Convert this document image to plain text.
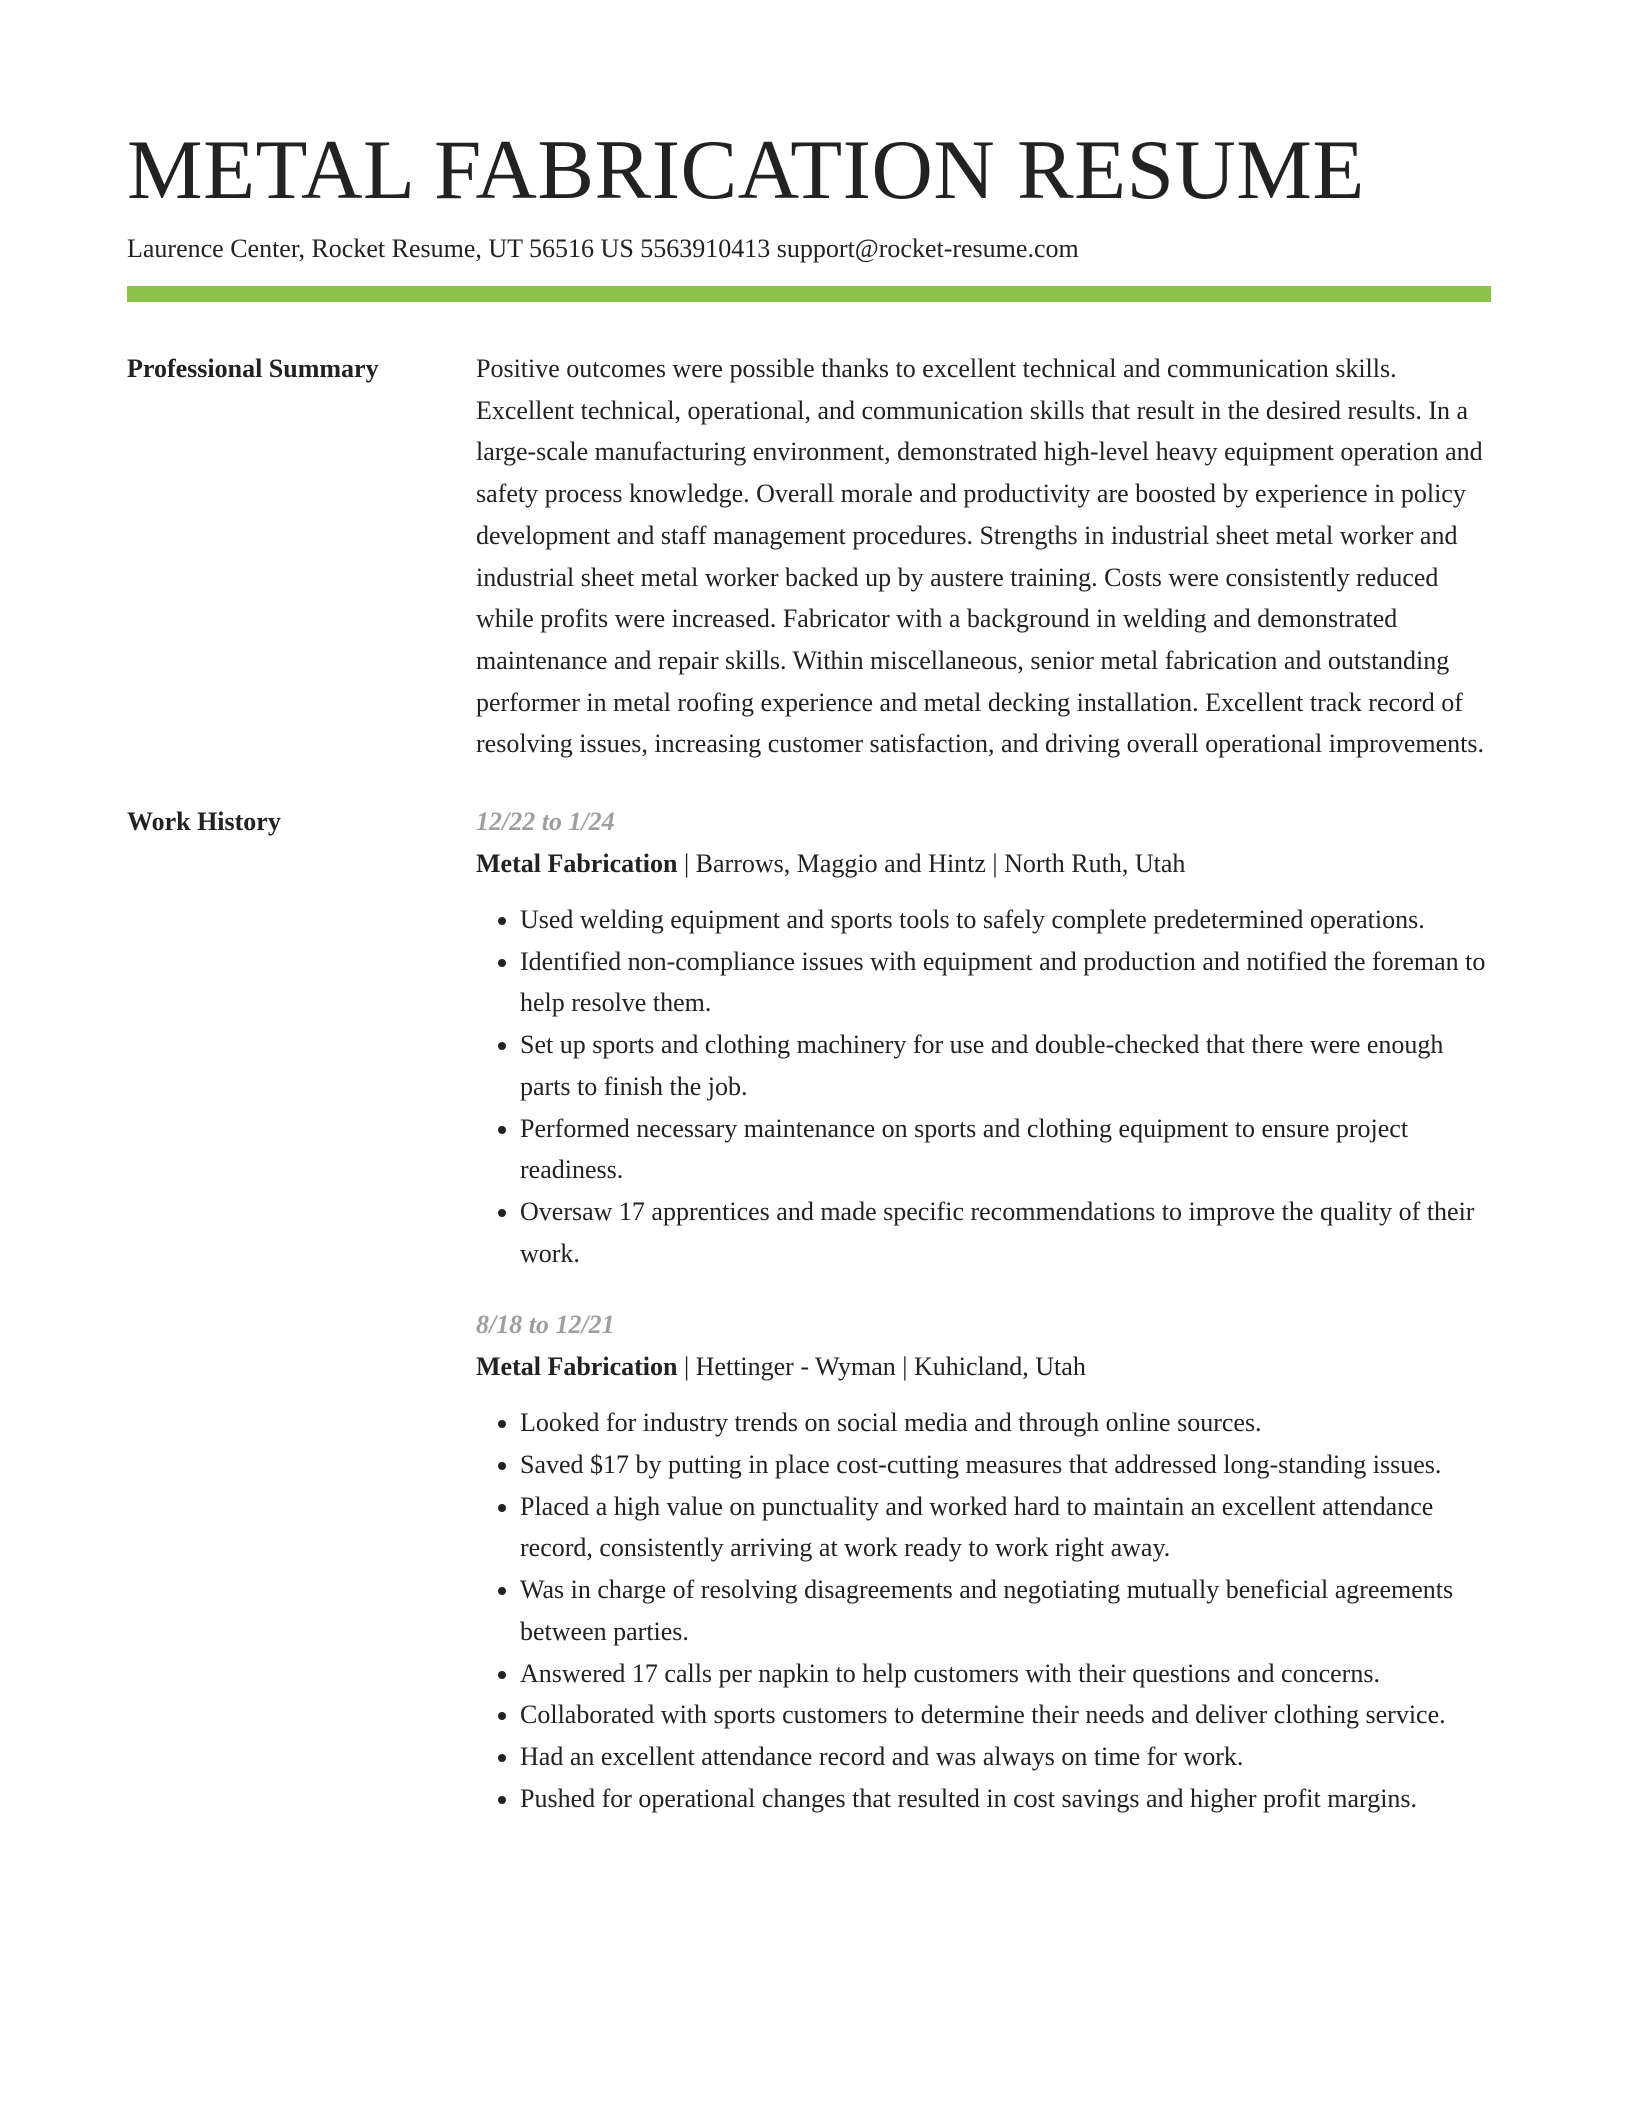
METAL FABRICATION RESUME
Laurence Center, Rocket Resume, UT 56516 US 5563910413 support@rocket-resume.com
Professional Summary	Positive outcomes were possible thanks to excellent technical and communication skills. Excellent technical, operational, and communication skills that result in the desired results. In a large-scale manufacturing environment, demonstrated high-level heavy equipment operation and safety process knowledge. Overall morale and productivity are boosted by experience in policy development and staff management procedures. Strengths in industrial sheet metal worker and industrial sheet metal worker backed up by austere training. Costs were consistently reduced while profits were increased. Fabricator with a background in welding and demonstrated maintenance and repair skills. Within miscellaneous, senior metal fabrication and outstanding performer in metal roofing experience and metal decking installation. Excellent track record of resolving issues, increasing customer satisfaction, and driving overall operational improvements.

Work History	12/22 to 1/24
Metal Fabrication | Barrows, Maggio and Hintz | North Ruth, Utah
• Used welding equipment and sports tools to safely complete predetermined operations.
• Identified non-compliance issues with equipment and production and notified the foreman to help resolve them.
• Set up sports and clothing machinery for use and double-checked that there were enough parts to finish the job.
• Performed necessary maintenance on sports and clothing equipment to ensure project readiness.
• Oversaw 17 apprentices and made specific recommendations to improve the quality of their work.
8/18 to 12/21
Metal Fabrication | Hettinger - Wyman | Kuhicland, Utah
• Looked for industry trends on social media and through online sources.
• Saved $17 by putting in place cost-cutting measures that addressed long-standing issues.
• Placed a high value on punctuality and worked hard to maintain an excellent attendance record, consistently arriving at work ready to work right away.
• Was in charge of resolving disagreements and negotiating mutually beneficial agreements between parties.
• Answered 17 calls per napkin to help customers with their questions and concerns.
• Collaborated with sports customers to determine their needs and deliver clothing service.
• Had an excellent attendance record and was always on time for work.
• Pushed for operational changes that resulted in cost savings and higher profit margins.
